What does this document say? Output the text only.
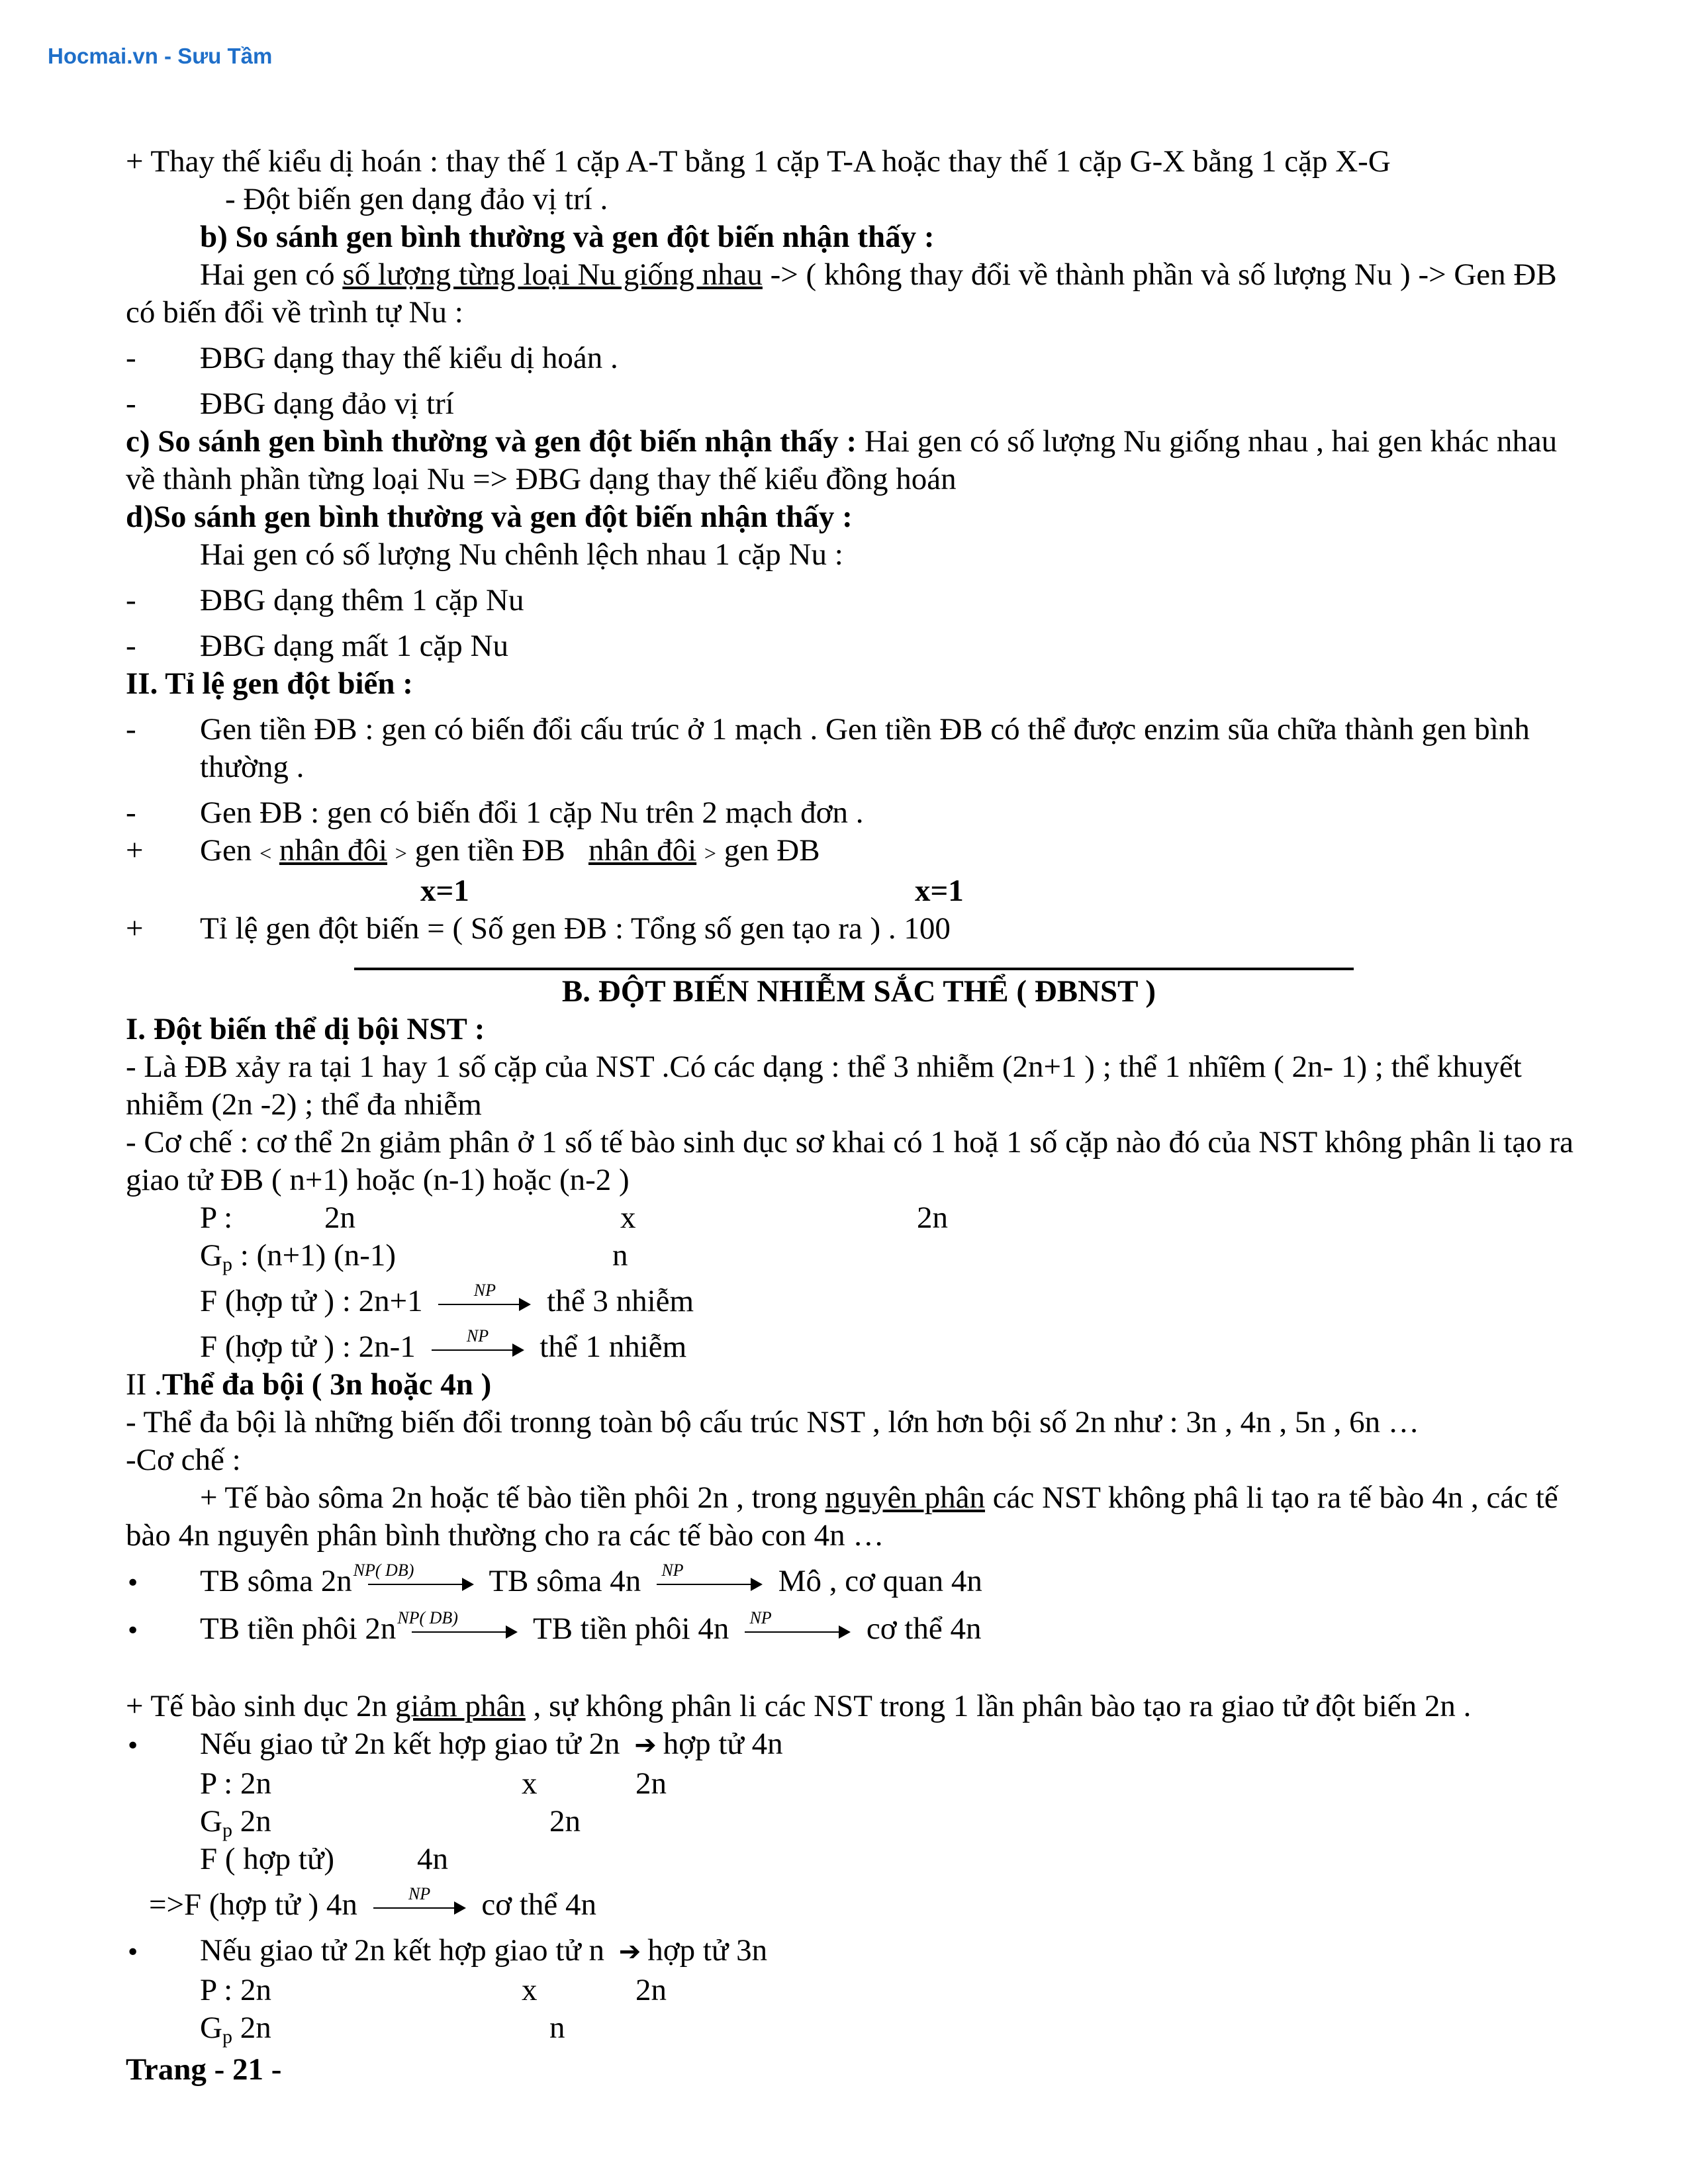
Hocmai.vn - Sưu Tầm

+ Thay thế kiểu dị hoán : thay thế 1 cặp A-T bằng 1 cặp T-A hoặc thay thế 1 cặp G-X bằng 1 cặp X-G

- Đột biến gen dạng đảo vị trí .

b) So sánh gen bình thường và gen đột biến nhận thấy :

Hai gen có số lượng từng loại Nu giống nhau -> ( không thay đổi về thành phần và số lượng Nu ) -> Gen ĐB có biến đổi về trình tự Nu :

- ĐBG dạng thay thế kiểu dị hoán .

- ĐBG dạng đảo vị trí

c) So sánh gen bình thường và gen đột biến nhận thấy : Hai gen có số lượng Nu giống nhau , hai gen khác nhau về thành phần từng loại Nu => ĐBG dạng thay thế kiểu đồng hoán

d)So sánh gen bình thường và gen đột biến nhận thấy :

Hai gen có số lượng Nu chênh lệch nhau 1 cặp Nu :

- ĐBG dạng thêm 1 cặp Nu

- ĐBG dạng mất 1 cặp Nu

II. Tỉ lệ gen đột biến :

- Gen tiền ĐB : gen có biến đổi cấu trúc ở 1 mạch . Gen tiền ĐB có thể được enzim sũa chữa thành gen bình thường .

- Gen ĐB : gen có biến đổi 1 cặp Nu trên 2 mạch đơn .

+ Gen < nhân đôi > gen tiền ĐB nhân đôi > gen ĐB

x=1	x=1

+ Tỉ lệ gen đột biến = ( Số gen ĐB : Tổng số gen tạo ra ) . 100

B. ĐỘT BIẾN NHIỄM SẮC THỂ ( ĐBNST )

I. Đột biến thể dị bội NST :

- Là ĐB xảy ra tại 1 hay 1 số cặp của NST .Có các dạng : thể 3 nhiễm (2n+1 ) ; thể 1 nhĩêm ( 2n- 1) ; thể khuyết nhiễm (2n -2) ; thể đa nhiễm

- Cơ chế : cơ thể 2n giảm phân ở 1 số tế bào sinh dục sơ khai có 1 hoặ 1 số cặp nào đó của NST không phân li tạo ra giao tử ĐB ( n+1) hoặc (n-1) hoặc (n-2 )

P :	2n	x	2n

$G_p$ : (n+1) (n-1)	n

F (hợp tử ) : 2n+1	NP	thể 3 nhiễm

F (hợp tử ) : 2n-1	NP	thể 1 nhiễm

II .Thể đa bội ( 3n hoặc 4n )

- Thể đa bội là những biến đổi tronng toàn bộ cấu trúc NST , lớn hơn bội số 2n như : 3n , 4n , 5n , 6n …

-Cơ chế :

+ Tế bào sôma 2n hoặc tế bào tiền phôi 2n , trong nguyên phân các NST không phâ li tạo ra tế bào 4n , các tế bào 4n nguyên phân bình thường cho ra các tế bào con 4n …

• TB sôma 2n NP( DB)	TB sôma 4n NP	Mô , cơ quan 4n

• TB tiền phôi 2n NP( DB)	TB tiền phôi 4n NP	cơ thể 4n

+ Tế bào sinh dục 2n giảm phân , sự không phân li các NST trong 1 lần phân bào tạo ra giao tử đột biến 2n .

• Nếu giao tử 2n kết hợp giao tử 2n ➔ hợp tử 4n

P : 2n	x	2n

$G_p$ 2n	2n

F ( hợp tử)	4n

=>F (hợp tử ) 4n	NP	cơ thể 4n

• Nếu giao tử 2n kết hợp giao tử n ➔ hợp tử 3n

P : 2n	x	2n

$G_p$ 2n	n

Trang - 21 -
